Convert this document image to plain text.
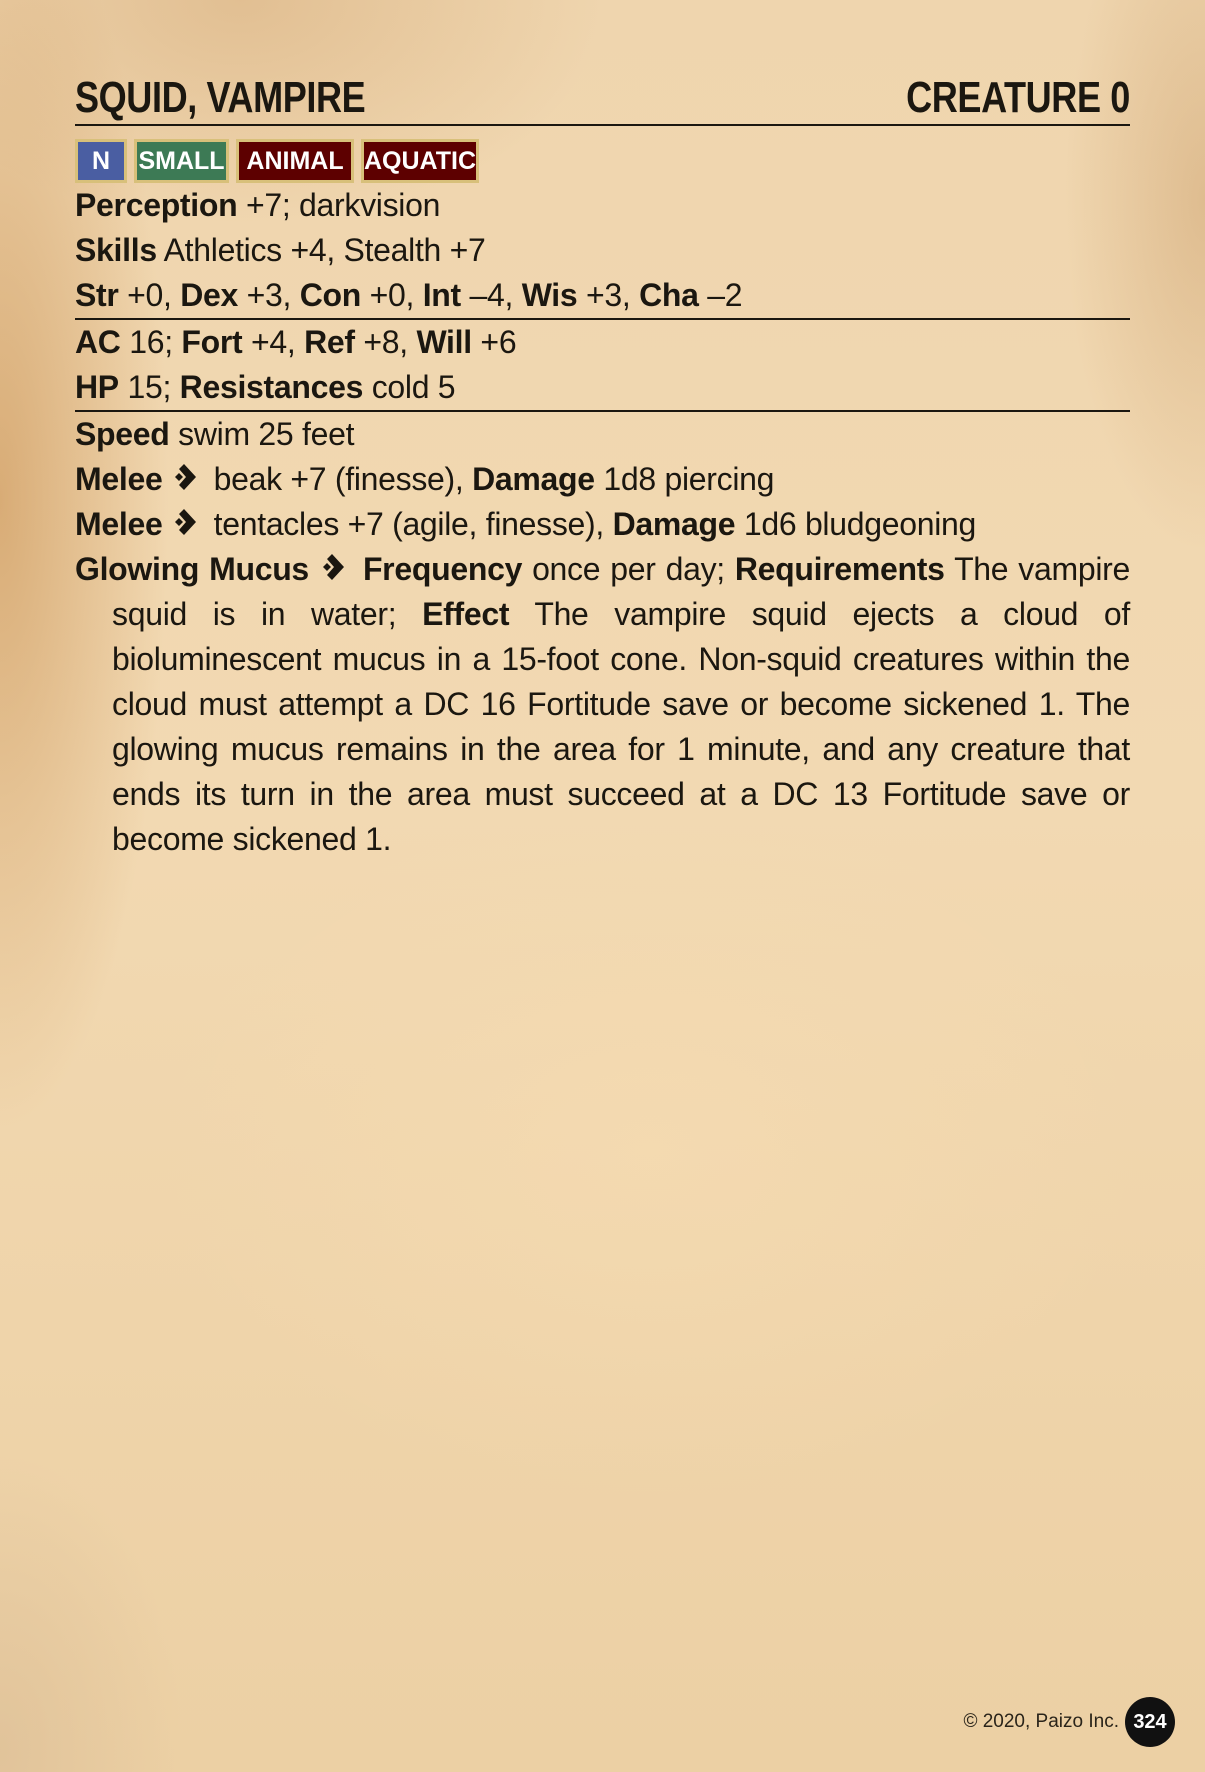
SQUID, VAMPIRE	CREATURE 0
N	SMALL ANIMAL AQUATIC
Perception +7; darkvision
Skills Athletics +4, Stealth +7
Str +0, Dex +3, Con +0, Int –4, Wis +3, Cha –2
AC 16; Fort +4, Ref +8, Will +6
HP 15; Resistances cold 5
Speed swim 25 feet
Melee  beak +7 (finesse), Damage 1d8 piercing
Melee  tentacles +7 (agile, finesse), Damage 1d6 bludgeoning
Glowing Mucus Frequency once per day; Requirements The vampire squid is in water; Effect The vampire squid ejects a cloud of bioluminescent mucus in a 15-foot cone. Non-squid creatures within the cloud must attempt a DC 16 Fortitude save or become sickened 1. The glowing mucus remains in the area for 1 minute, and any creature that ends its turn in the area must succeed at a DC 13 Fortitude save or become sickened 1.
© 2020, Paizo Inc. 324
